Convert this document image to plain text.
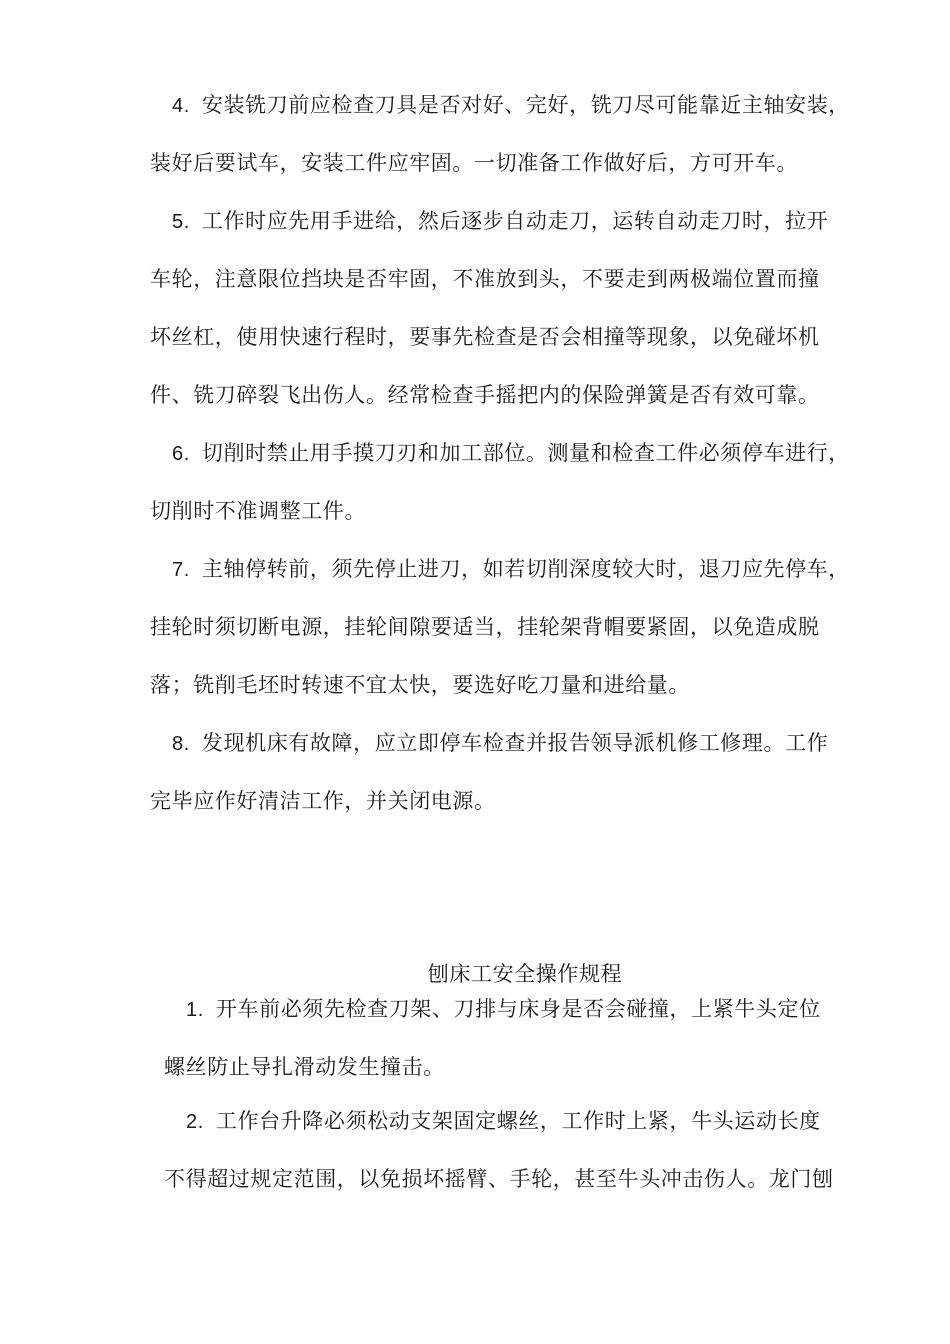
4. 安装铣刀前应检查刀具是否对好、完好，铣刀尽可能靠近主轴安装，
装好后要试车，安装工件应牢固。一切准备工作做好后，方可开车。
5. 工作时应先用手进给，然后逐步自动走刀，运转自动走刀时，拉开
车轮，注意限位挡块是否牢固，不准放到头，不要走到两极端位置而撞
坏丝杠，使用快速行程时，要事先检查是否会相撞等现象，以免碰坏机
件、铣刀碎裂飞出伤人。经常检查手摇把内的保险弹簧是否有效可靠。
6. 切削时禁止用手摸刀刃和加工部位。测量和检查工件必须停车进行，
切削时不准调整工件。
7. 主轴停转前，须先停止进刀，如若切削深度较大时，退刀应先停车，
挂轮时须切断电源，挂轮间隙要适当，挂轮架背帽要紧固，以免造成脱
落；铣削毛坯时转速不宜太快，要选好吃刀量和进给量。
8. 发现机床有故障，应立即停车检查并报告领导派机修工修理。工作
完毕应作好清洁工作，并关闭电源。
刨床工安全操作规程
1. 开车前必须先检查刀架、刀排与床身是否会碰撞，上紧牛头定位
螺丝防止导扎滑动发生撞击。
2. 工作台升降必须松动支架固定螺丝，工作时上紧，牛头运动长度
不得超过规定范围，以免损坏摇臂、手轮，甚至牛头冲击伤人。龙门刨
